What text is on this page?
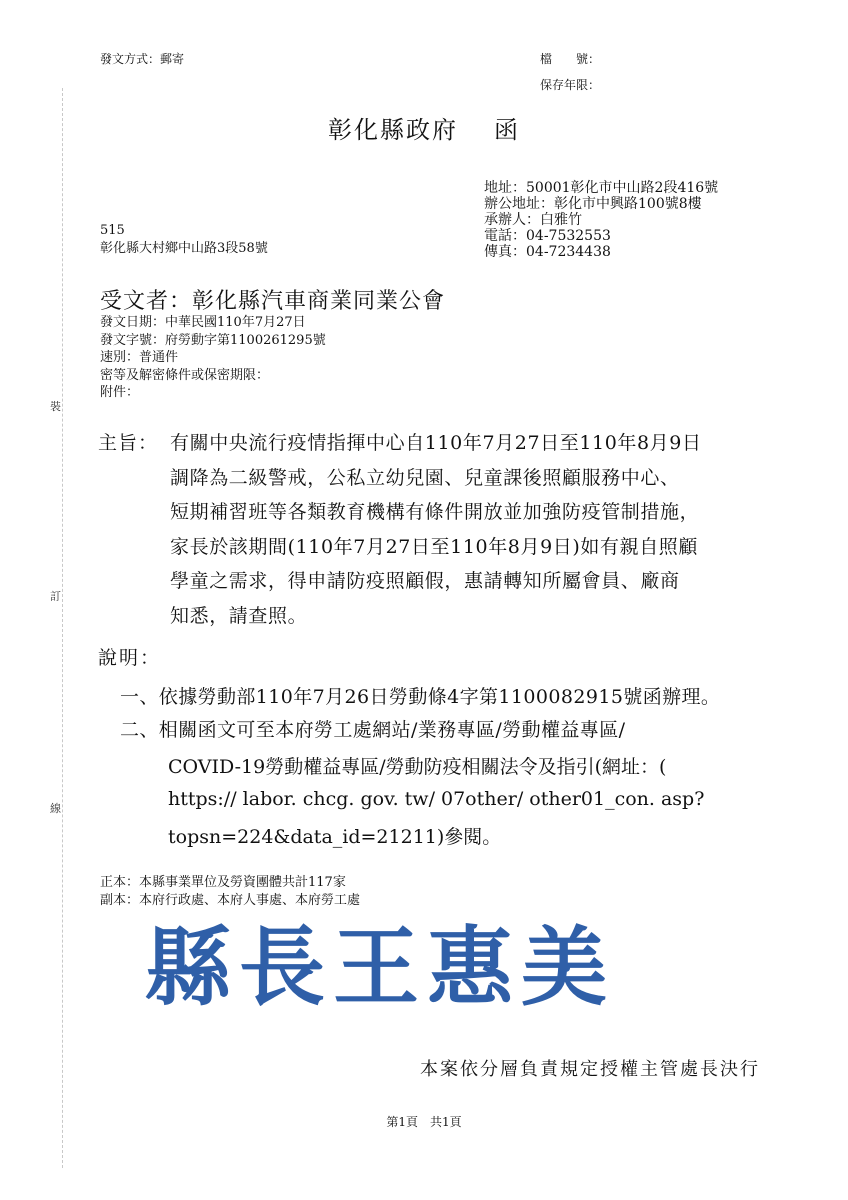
裝
訂
線
發文方式：郵寄	檔　　號：
保存年限：
彰化縣政府 函
地址：50001彰化市中山路2段416號
辦公地址：彰化市中興路100號8樓
承辦人：白雅竹
電話：04-7532553
傳真：04-7234438
515
彰化縣大村鄉中山路3段58號
受文者：彰化縣汽車商業同業公會
發文日期：中華民國110年7月27日
發文字號：府勞動字第1100261295號
速別：普通件
密等及解密條件或保密期限：
附件：
主旨： 有關中央流行疫情指揮中心自110年7月27日至110年8月9日
調降為二級警戒，公私立幼兒園、兒童課後照顧服務中心、
短期補習班等各類教育機構有條件開放並加強防疫管制措施，
家長於該期間(110年7月27日至110年8月9日)如有親自照顧
學童之需求，得申請防疫照顧假，惠請轉知所屬會員、廠商
知悉，請查照。
說明：
一、依據勞動部110年7月26日勞動條4字第1100082915號函辦理。
二、相關函文可至本府勞工處網站/業務專區/勞動權益專區/
COVID-19勞動權益專區/勞動防疫相關法令及指引(網址：(
https:// labor. chcg. gov. tw/ 07other/ other01_con. asp?
topsn=224&data_id=21211)參閱。
正本：本縣事業單位及勞資團體共計117家
副本：本府行政處、本府人事處、本府勞工處
縣長王惠美
本案依分層負責規定授權主管處長決行
第1頁　共1頁
